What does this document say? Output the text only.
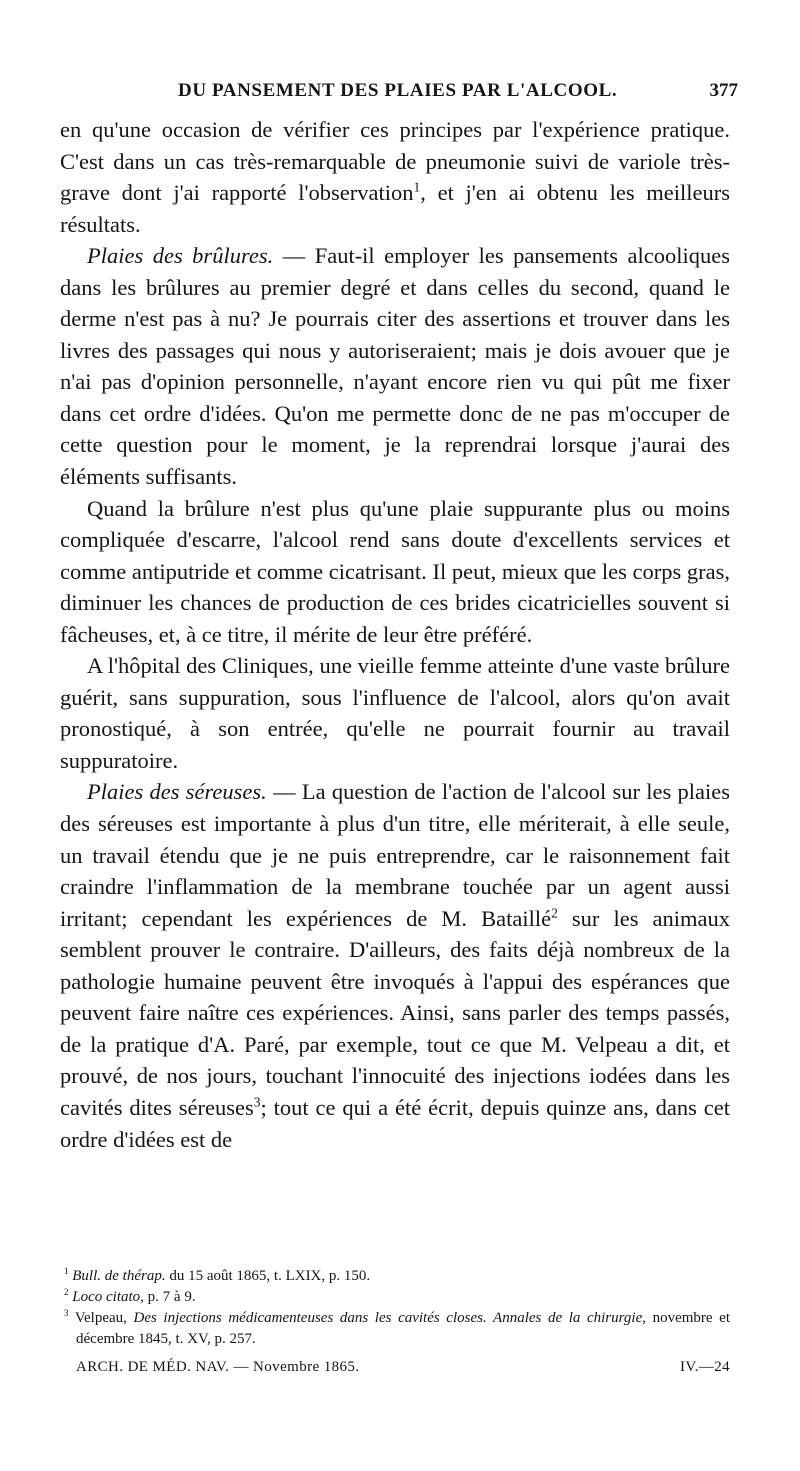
DU PANSEMENT DES PLAIES PAR L'ALCOOL.	377

en qu'une occasion de vérifier ces principes par l'expérience pratique. C'est dans un cas très-remarquable de pneumonie suivi de variole très-grave dont j'ai rapporté l'observation$^1$, et j'en ai obtenu les meilleurs résultats.

Plaies des brûlures. — Faut-il employer les pansements alcooliques dans les brûlures au premier degré et dans celles du second, quand le derme n'est pas à nu? Je pourrais citer des assertions et trouver dans les livres des passages qui nous y autoriseraient; mais je dois avouer que je n'ai pas d'opinion personnelle, n'ayant encore rien vu qui pût me fixer dans cet ordre d'idées. Qu'on me permette donc de ne pas m'occuper de cette question pour le moment, je la reprendrai lorsque j'aurai des éléments suffisants.

Quand la brûlure n'est plus qu'une plaie suppurante plus ou moins compliquée d'escarre, l'alcool rend sans doute d'excellents services et comme antiputride et comme cicatrisant. Il peut, mieux que les corps gras, diminuer les chances de production de ces brides cicatricielles souvent si fâcheuses, et, à ce titre, il mérite de leur être préféré.

A l'hôpital des Cliniques, une vieille femme atteinte d'une vaste brûlure guérit, sans suppuration, sous l'influence de l'alcool, alors qu'on avait pronostiqué, à son entrée, qu'elle ne pourrait fournir au travail suppuratoire.

Plaies des séreuses. — La question de l'action de l'alcool sur les plaies des séreuses est importante à plus d'un titre, elle mériterait, à elle seule, un travail étendu que je ne puis entreprendre, car le raisonnement fait craindre l'inflammation de la membrane touchée par un agent aussi irritant; cependant les expériences de M. Bataillé$^2$ sur les animaux semblent prouver le contraire. D'ailleurs, des faits déjà nombreux de la pathologie humaine peuvent être invoqués à l'appui des espérances que peuvent faire naître ces expériences. Ainsi, sans parler des temps passés, de la pratique d'A. Paré, par exemple, tout ce que M. Velpeau a dit, et prouvé, de nos jours, touchant l'innocuité des injections iodées dans les cavités dites séreuses$^3$; tout ce qui a été écrit, depuis quinze ans, dans cet ordre d'idées est de

$^1$ Bull. de thérap. du 15 août 1865, t. LXIX, p. 150.

$^2$ Loco citato, p. 7 à 9.

$^3$ Velpeau, Des injections médicamenteuses dans les cavités closes. Annales de la chirurgie, novembre et décembre 1845, t. XV, p. 257.

ARCH. DE MÉD. NAV. — Novembre 1865.	IV.—24
